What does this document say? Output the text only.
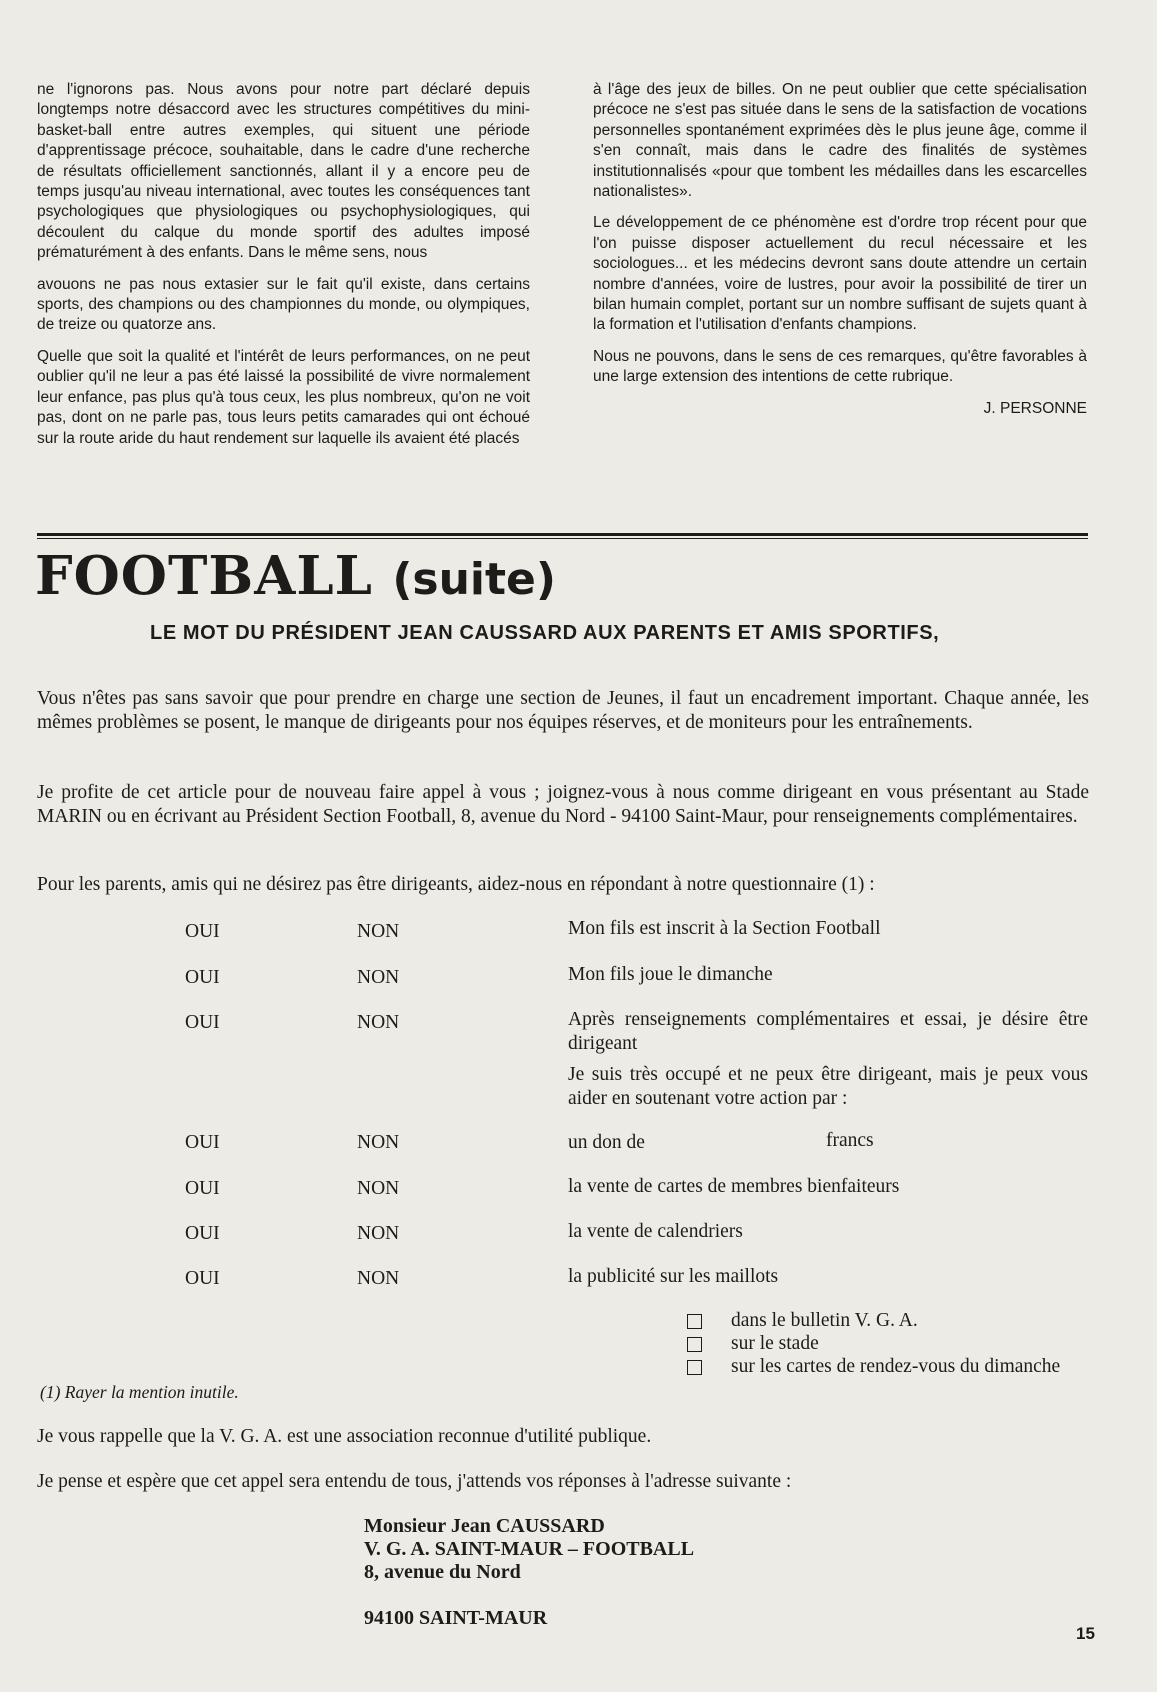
ne l'ignorons pas. Nous avons pour notre part déclaré depuis longtemps notre désaccord avec les structures compétitives du mini-basket-ball entre autres exemples, qui situent une période d'apprentissage précoce, souhaitable, dans le cadre d'une recherche de résultats officiellement sanctionnés, allant il y a encore peu de temps jusqu'au niveau international, avec toutes les conséquences tant psychologiques que physiologiques ou psychophysiologiques, qui découlent du calque du monde sportif des adultes imposé prématurément à des enfants. Dans le même sens, nous

avouons ne pas nous extasier sur le fait qu'il existe, dans certains sports, des champions ou des championnes du monde, ou olympiques, de treize ou quatorze ans.

Quelle que soit la qualité et l'intérêt de leurs performances, on ne peut oublier qu'il ne leur a pas été laissé la possibilité de vivre normalement leur enfance, pas plus qu'à tous ceux, les plus nombreux, qu'on ne voit pas, dont on ne parle pas, tous leurs petits camarades qui ont échoué sur la route aride du haut rendement sur laquelle ils avaient été placés

à l'âge des jeux de billes. On ne peut oublier que cette spécialisation précoce ne s'est pas située dans le sens de la satisfaction de vocations personnelles spontanément exprimées dès le plus jeune âge, comme il s'en connaît, mais dans le cadre des finalités de systèmes institutionnalisés «pour que tombent les médailles dans les escarcelles nationalistes».

Le développement de ce phénomène est d'ordre trop récent pour que l'on puisse disposer actuellement du recul nécessaire et les sociologues... et les médecins devront sans doute attendre un certain nombre d'années, voire de lustres, pour avoir la possibilité de tirer un bilan humain complet, portant sur un nombre suffisant de sujets quant à la formation et l'utilisation d'enfants champions.

Nous ne pouvons, dans le sens de ces remarques, qu'être favorables à une large extension des intentions de cette rubrique.

J. PERSONNE

FOOTBALL (suite)
LE MOT DU PRÉSIDENT JEAN CAUSSARD AUX PARENTS ET AMIS SPORTIFS,

Vous n'êtes pas sans savoir que pour prendre en charge une section de Jeunes, il faut un encadrement important. Chaque année, les mêmes problèmes se posent, le manque de dirigeants pour nos équipes réserves, et de moniteurs pour les entraînements.

Je profite de cet article pour de nouveau faire appel à vous ; joignez-vous à nous comme dirigeant en vous présentant au Stade MARIN ou en écrivant au Président Section Football, 8, avenue du Nord - 94100 Saint-Maur, pour renseignements complémentaires.

Pour les parents, amis qui ne désirez pas être dirigeants, aidez-nous en répondant à notre questionnaire (1) :

OUI	NON	Mon fils est inscrit à la Section Football
OUI	NON	Mon fils joue le dimanche
OUI	NON	Après renseignements complémentaires et essai, je désire être dirigeant
Je suis très occupé et ne peux être dirigeant, mais je peux vous aider en soutenant votre action par :
OUI	NON	un don de	francs
OUI	NON	la vente de cartes de membres bienfaiteurs
OUI	NON	la vente de calendriers
OUI	NON	la publicité sur les maillots
dans le bulletin V. G. A.
sur le stade
sur les cartes de rendez-vous du dimanche
(1) Rayer la mention inutile.

Je vous rappelle que la V. G. A. est une association reconnue d'utilité publique.

Je pense et espère que cet appel sera entendu de tous, j'attends vos réponses à l'adresse suivante :

Monsieur Jean CAUSSARD
V. G. A. SAINT-MAUR – FOOTBALL
8, avenue du Nord
94100 SAINT-MAUR
15
